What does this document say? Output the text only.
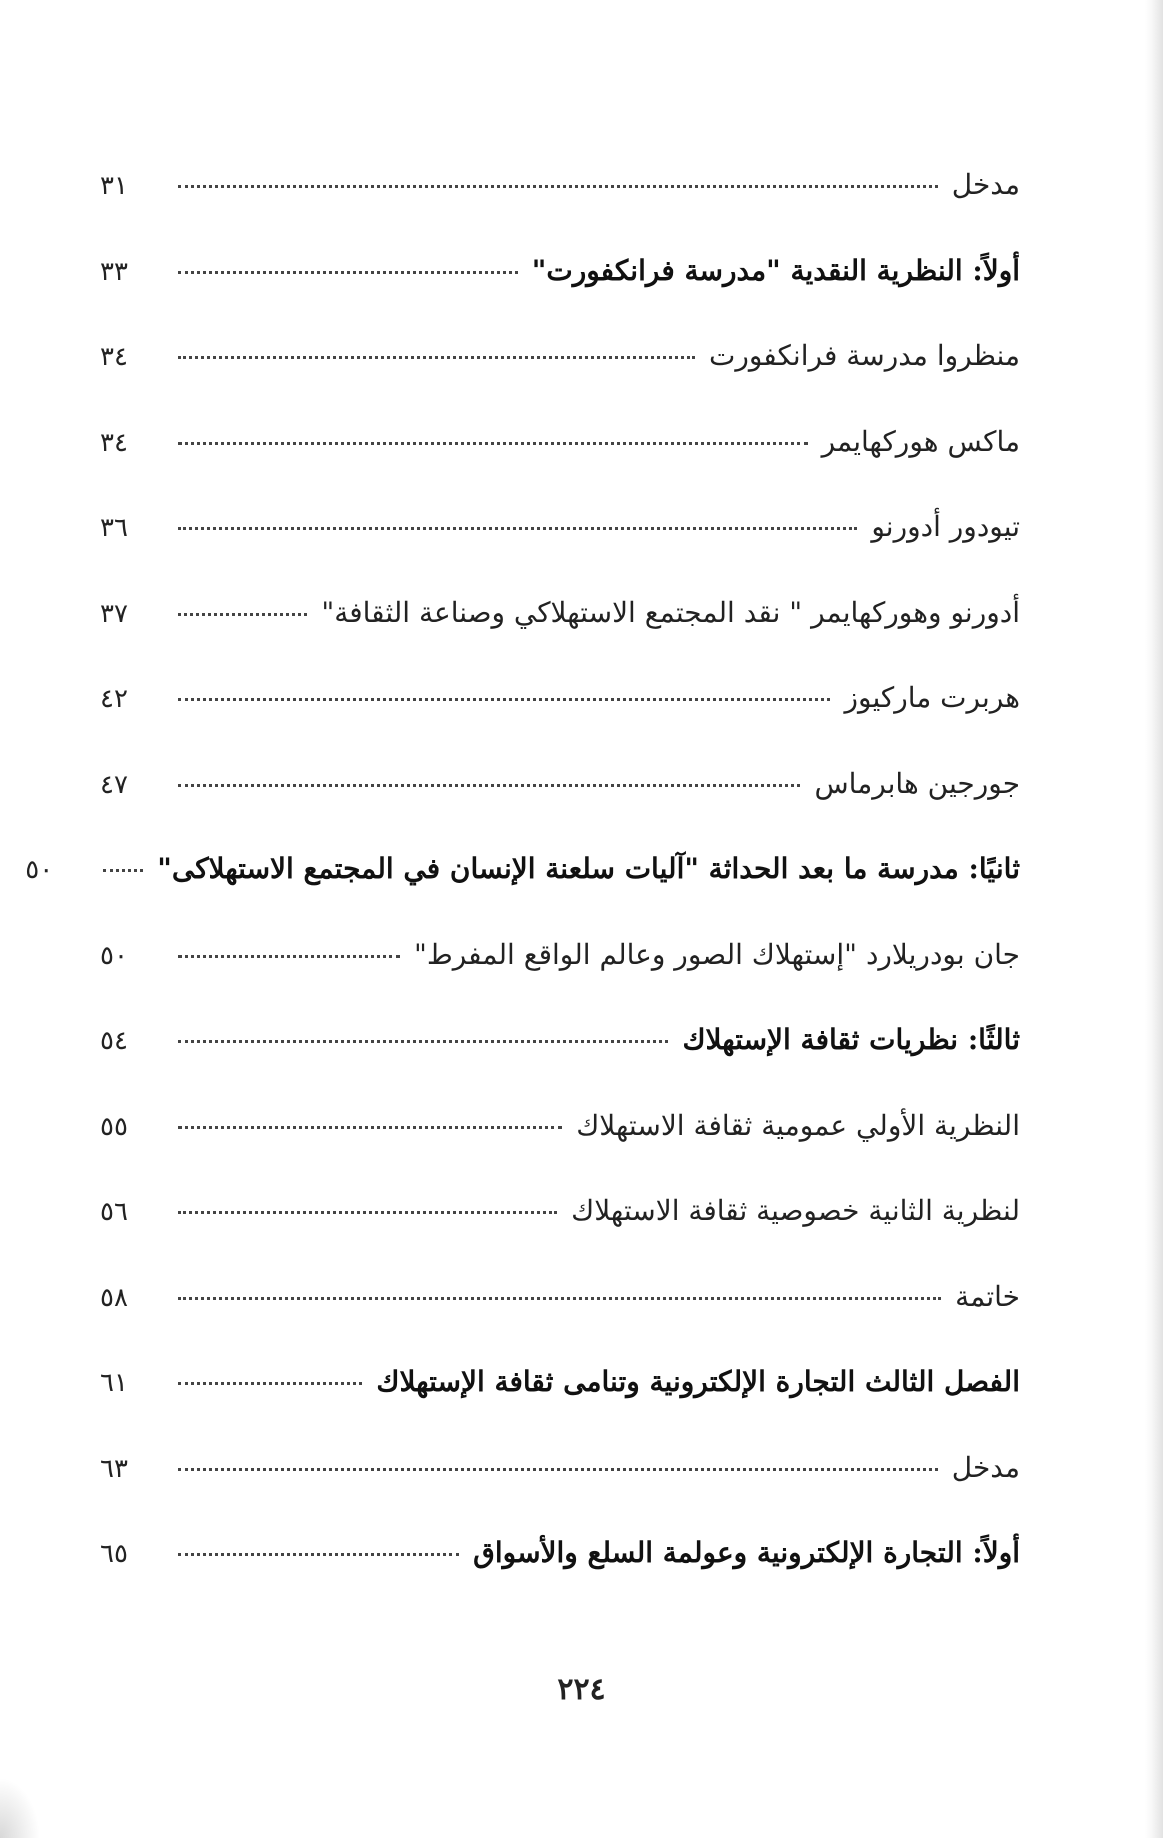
مدخل
٣١
أولاً: النظرية النقدية "مدرسة فرانكفورت"
٣٣
منظروا مدرسة فرانكفورت
٣٤
ماكس هوركهايمر
٣٤
تيودور أدورنو
٣٦
أدورنو وهوركهايمر " نقد المجتمع الاستهلاكي وصناعة الثقافة"
٣٧
هربرت ماركيوز
٤٢
جورجين هابرماس
٤٧
ثانيًا: مدرسة ما بعد الحداثة "آليات سلعنة الإنسان في المجتمع الاستهلاكى"
٥٠
جان بودريلارد "إستهلاك الصور وعالم الواقع المفرط"
٥٠
ثالثًا: نظريات ثقافة الإستهلاك
٥٤
النظرية الأولي عمومية ثقافة الاستهلاك
٥٥
لنظرية الثانية خصوصية ثقافة الاستهلاك
٥٦
خاتمة
٥٨
الفصل الثالث التجارة الإلكترونية وتنامى ثقافة الإستهلاك
٦١
مدخل
٦٣
أولاً: التجارة الإلكترونية وعولمة السلع والأسواق
٦٥
٢٢٤
